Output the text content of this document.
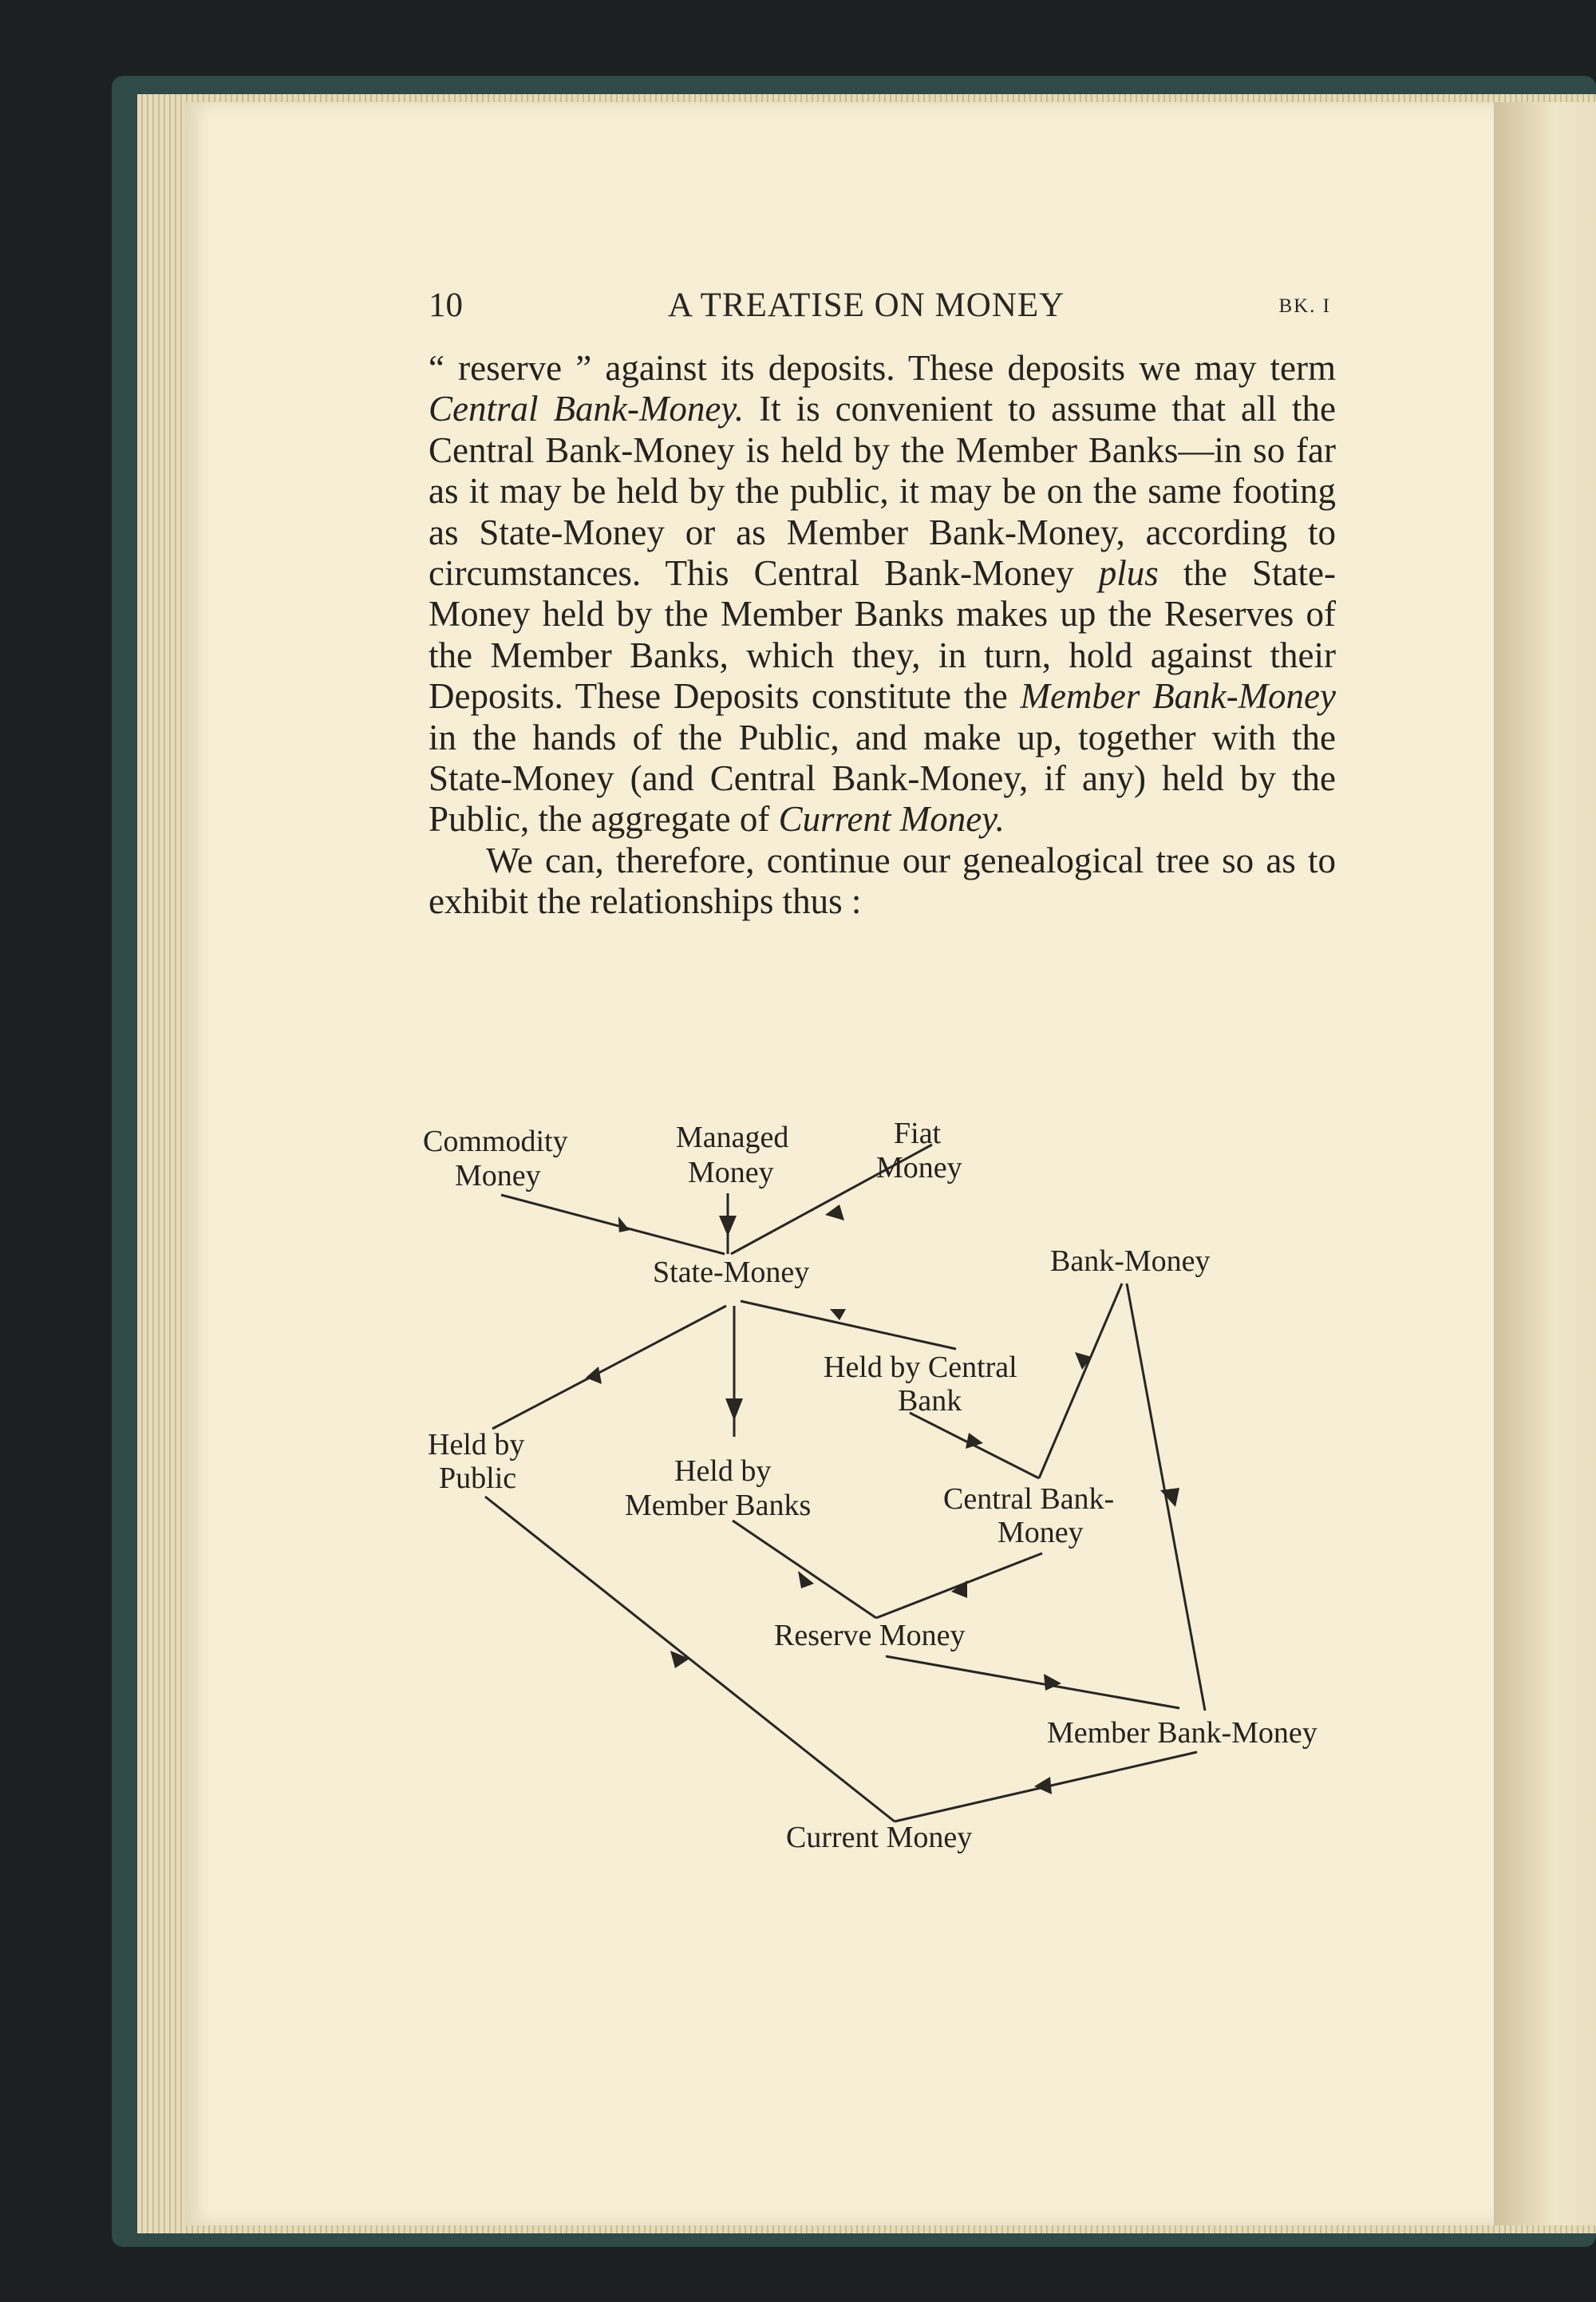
10	A TREATISE ON MONEY	BK. I

“ reserve ” against its deposits. These deposits we may term Central Bank-Money. It is convenient to assume that all the Central Bank-Money is held by the Member Banks—in so far as it may be held by the public, it may be on the same footing as State-Money or as Member Bank-Money, according to circumstances. This Central Bank-Money plus the State-Money held by the Member Banks makes up the Reserves of the Member Banks, which they, in turn, hold against their Deposits. These Deposits constitute the Member Bank-Money in the hands of the Public, and make up, together with the State-Money (and Central Bank-Money, if any) held by the Public, the aggregate of Current Money.

We can, therefore, continue our genealogical tree so as to exhibit the relationships thus :

Commodity Money
Managed Money
Fiat Money
State-Money	Bank-Money
Held by Central Bank
Held by Public	Held by Member Banks	Central Bank-Money
Reserve Money
Member Bank-Money
Current Money
